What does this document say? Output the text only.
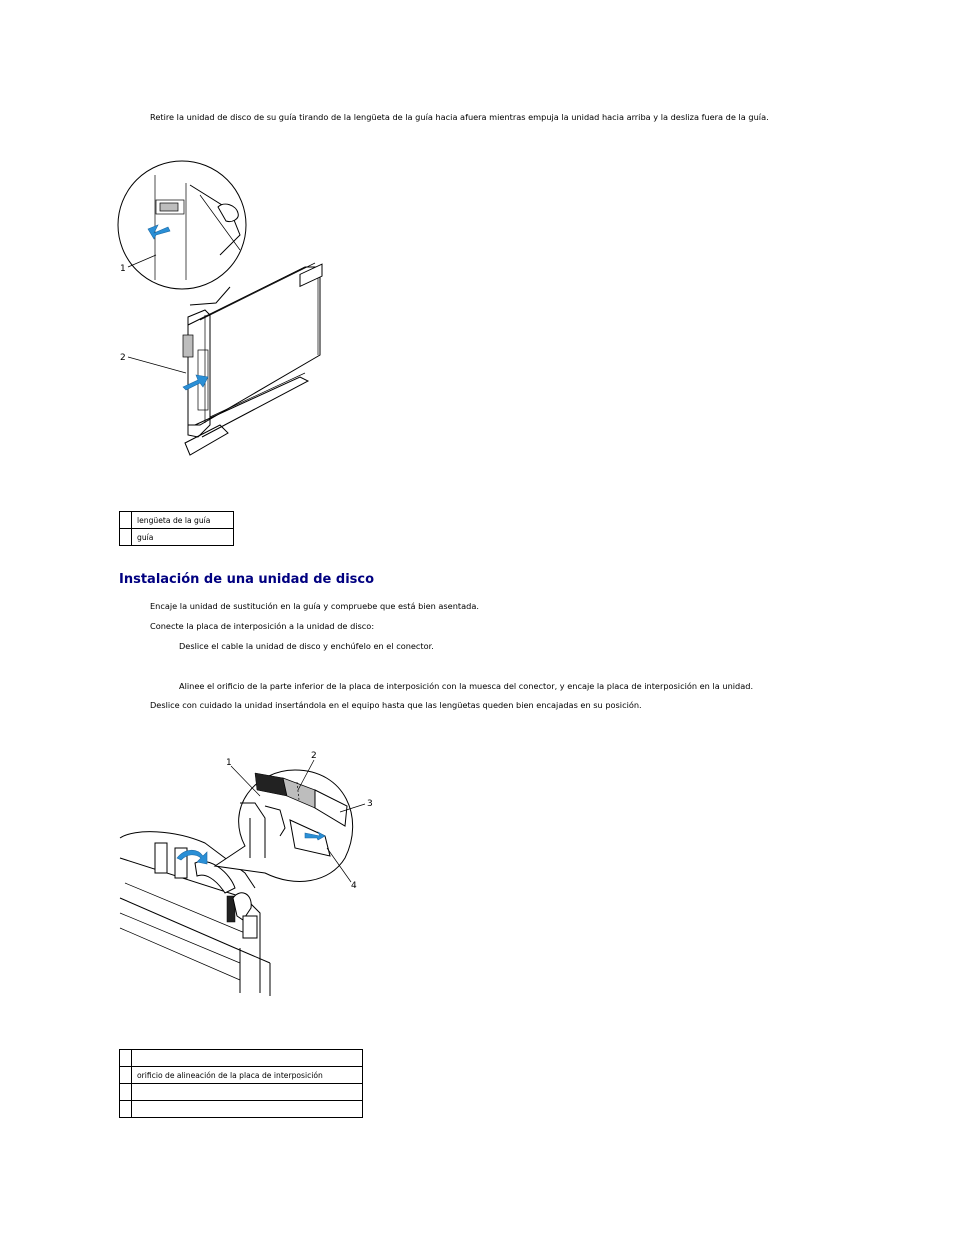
Retire la unidad de disco de su guía tirando de la lengüeta de la guía hacia afuera mientras empuja la unidad hacia arriba y la desliza fuera de la guía.
1
2
	lengüeta de la guía
	guía
Instalación de una unidad de disco
Encaje la unidad de sustitución en la guía y compruebe que está bien asentada.
Conecte la placa de interposición a la unidad de disco:
Deslice el cable la unidad de disco y enchúfelo en el conector.
Alinee el orificio de la parte inferior de la placa de interposición con la muesca del conector, y encaje la placa de interposición en la unidad.
Deslice con cuidado la unidad insertándola en el equipo hasta que las lengüetas queden bien encajadas en su posición.
1
2
3
4

	orificio de alineación de la placa de interposición
